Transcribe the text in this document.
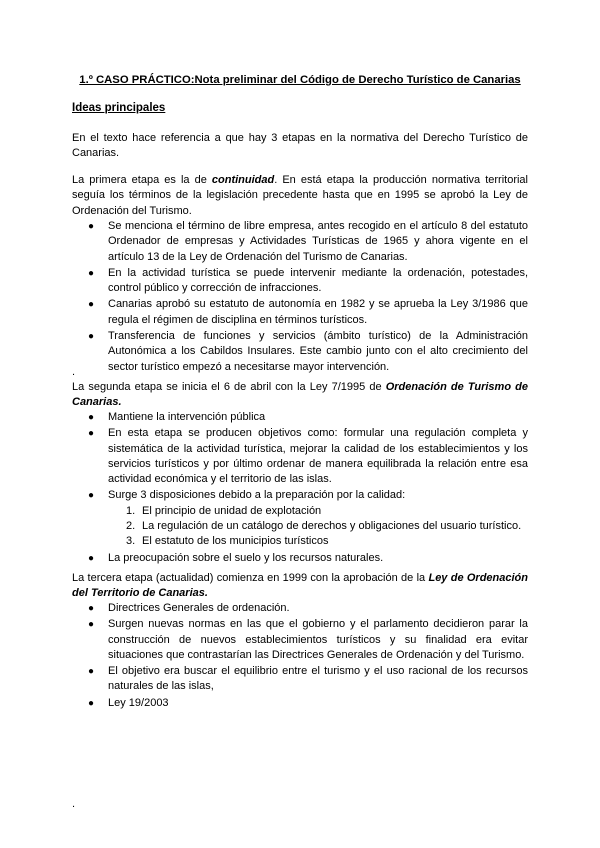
1.º CASO PRÁCTICO:Nota preliminar del Código de Derecho Turístico de Canarias
Ideas principales

En el texto hace referencia a que hay 3 etapas en la normativa del Derecho Turístico de Canarias.

La primera etapa es la de continuidad. En está etapa la producción normativa territorial seguía los términos de la legislación precedente hasta que en 1995 se aprobó la Ley de Ordenación del Turismo.

● Se menciona el término de libre empresa, antes recogido en el artículo 8 del estatuto Ordenador de empresas y Actividades Turísticas de 1965 y ahora vigente en el artículo 13 de la Ley de Ordenación del Turismo de Canarias.
● En la actividad turística se puede intervenir mediante la ordenación, potestades, control público y corrección de infracciones.
● Canarias aprobó su estatuto de autonomía en 1982 y se aprueba la Ley 3/1986 que regula el régimen de disciplina en términos turísticos.
● Transferencia de funciones y servicios (ámbito turístico) de la Administración Autonómica a los Cabildos Insulares. Este cambio junto con el alto crecimiento del sector turístico empezó a necesitarse mayor intervención.
.

La segunda etapa se inicia el 6 de abril con la Ley 7/1995 de Ordenación de Turismo de Canarias.

● Mantiene la intervención pública
● En esta etapa se producen objetivos como: formular una regulación completa y sistemática de la actividad turística, mejorar la calidad de los establecimientos y los servicios turísticos y por último ordenar de manera equilibrada la relación entre esa actividad económica y el territorio de las islas.
● Surge 3 disposiciones debido a la preparación por la calidad:
1. El principio de unidad de explotación
2. La regulación de un catálogo de derechos y obligaciones del usuario turístico.
3. El estatuto de los municipios turísticos
● La preocupación sobre el suelo y los recursos naturales.

La tercera etapa (actualidad) comienza en 1999 con la aprobación de la Ley de Ordenación del Territorio de Canarias.

● Directrices Generales de ordenación.
● Surgen nuevas normas en las que el gobierno y el parlamento decidieron parar la construcción de nuevos establecimientos turísticos y su finalidad era evitar situaciones que contrastarían las Directrices Generales de Ordenación y del Turismo.
● El objetivo era buscar el equilibrio entre el turismo y el uso racional de los recursos naturales de las islas,
● Ley 19/2003
.
